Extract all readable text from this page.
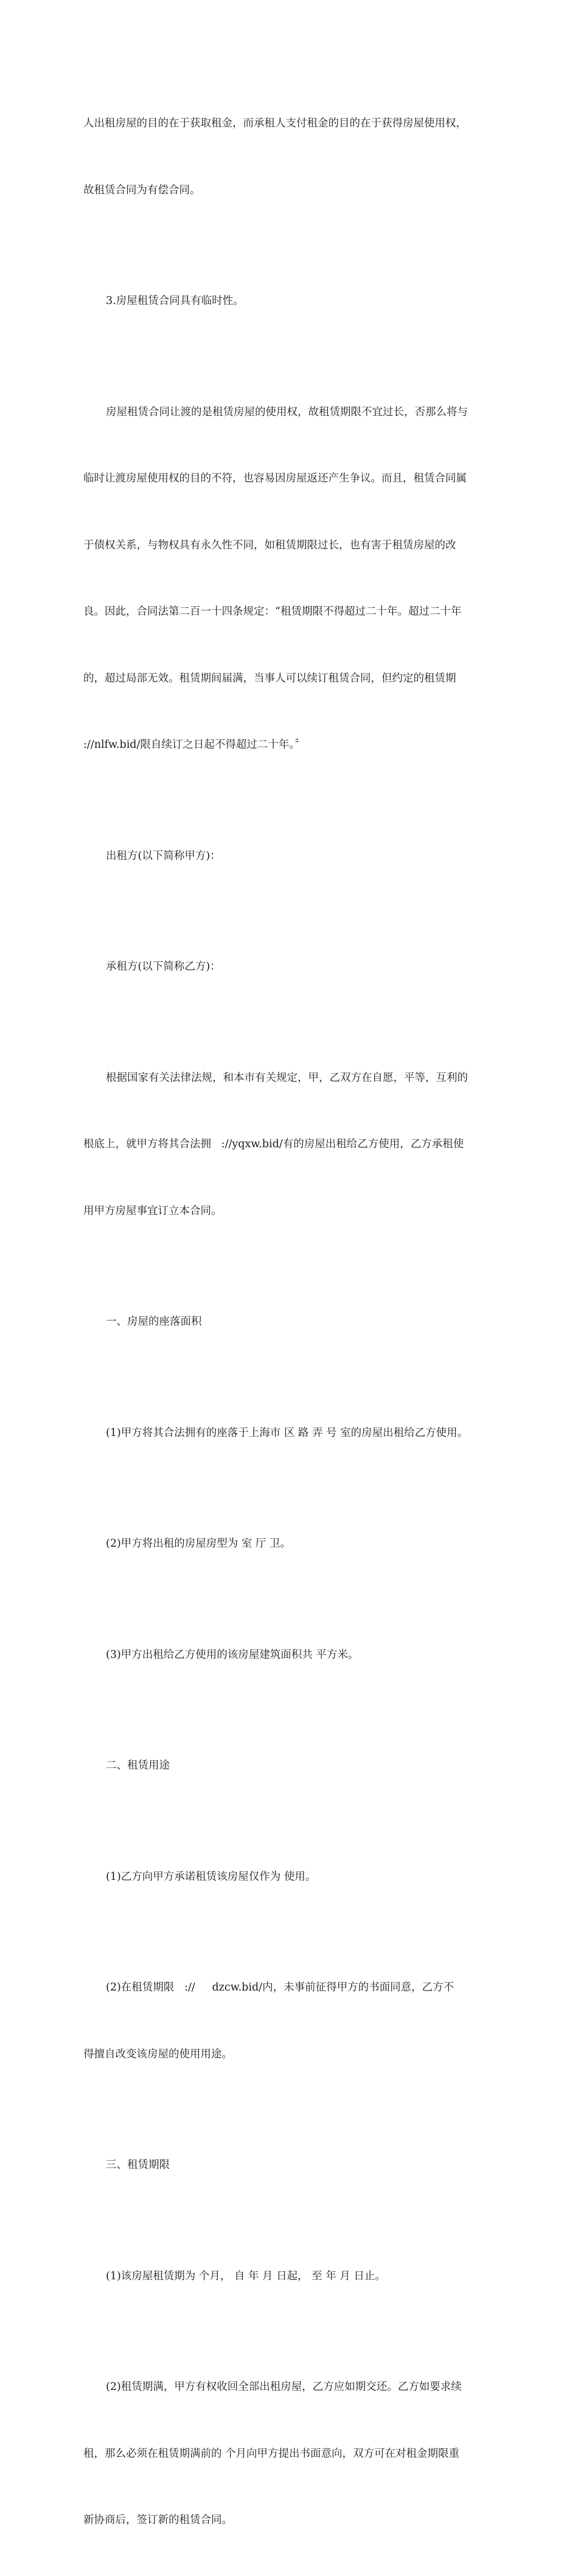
人出租房屋的目的在于获取租金，而承租人支付租金的目的在于获得房屋使用权，

故租赁合同为有偿合同。

3.房屋租赁合同具有临时性。

房屋租赁合同让渡的是租赁房屋的使用权，故租赁期限不宜过长，否那么将与

临时让渡房屋使用权的目的不符，也容易因房屋返还产生争议。而且，租赁合同属

于债权关系，与物权具有永久性不同，如租赁期限过长，也有害于租赁房屋的改

良。因此，合同法第二百一十四条规定：“租赁期限不得超过二十年。超过二十年

的，超过局部无效。租赁期间届满，当事人可以续订租赁合同，但约定的租赁期

://nlfw.bid/限自续订之日起不得超过二十年。〞

出租方(以下简称甲方)：

承租方(以下简称乙方)：

根据国家有关法律法规，和本市有关规定，甲，乙双方在自愿，平等，互利的

根底上，就甲方将其合法拥   ://yqxw.bid/有的房屋出租给乙方使用，乙方承租使

用甲方房屋事宜订立本合同。

一、房屋的座落面积

(1)甲方将其合法拥有的座落于上海市 区 路 弄 号 室的房屋出租给乙方使用。

(2)甲方将出租的房屋房型为 室 厅 卫。

(3)甲方出租给乙方使用的该房屋建筑面积共 平方米。

二、租赁用途

(1)乙方向甲方承诺租赁该房屋仅作为 使用。

(2)在租赁期限   ://     dzcw.bid/内，未事前征得甲方的书面同意，乙方不

得擅自改变该房屋的使用用途。

三、租赁期限

(1)该房屋租赁期为 个月， 自 年 月 日起， 至 年 月 日止。

(2)租赁期满，甲方有权收回全部出租房屋，乙方应如期交还。乙方如要求续

租，那么必须在租赁期满前的 个月向甲方提出书面意向，双方可在对租金期限重

新协商后，签订新的租赁合同。
